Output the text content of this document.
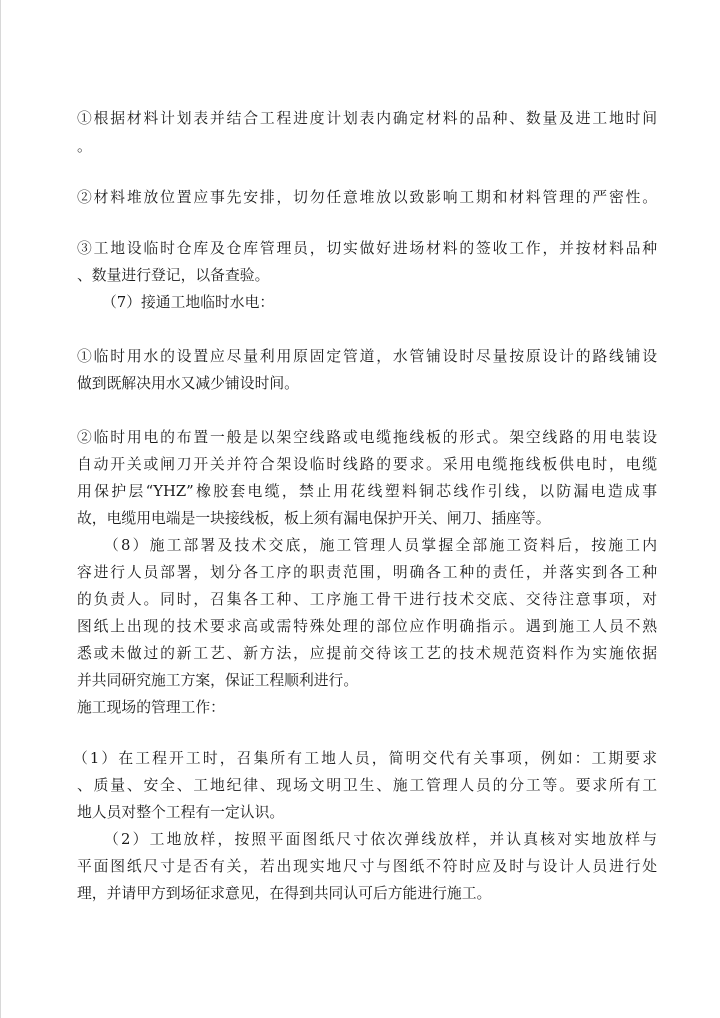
①根据材料计划表并结合工程进度计划表内确定材料的品种、数量及进工地时间

。

②材料堆放位置应事先安排，切勿任意堆放以致影响工期和材料管理的严密性。

③工地设临时仓库及仓库管理员，切实做好进场材料的签收工作，并按材料品种

、数量进行登记，以备查验。

（7）接通工地临时水电：

①临时用水的设置应尽量利用原固定管道，水管铺设时尽量按原设计的路线铺设

做到既解决用水又减少铺设时间。

②临时用电的布置一般是以架空线路或电缆拖线板的形式。架空线路的用电装设

自动开关或闸刀开关并符合架设临时线路的要求。采用电缆拖线板供电时，电缆

用保护层“YHZ”橡胶套电缆，禁止用花线塑料铜芯线作引线，以防漏电造成事

故，电缆用电端是一块接线板，板上须有漏电保护开关、闸刀、插座等。

（8）施工部署及技术交底，施工管理人员掌握全部施工资料后，按施工内

容进行人员部署，划分各工序的职责范围，明确各工种的责任，并落实到各工种

的负责人。同时，召集各工种、工序施工骨干进行技术交底、交待注意事项，对

图纸上出现的技术要求高或需特殊处理的部位应作明确指示。遇到施工人员不熟

悉或未做过的新工艺、新方法，应提前交待该工艺的技术规范资料作为实施依据

并共同研究施工方案，保证工程顺利进行。

施工现场的管理工作：

（1）在工程开工时，召集所有工地人员，简明交代有关事项，例如：工期要求

、质量、安全、工地纪律、现场文明卫生、施工管理人员的分工等。要求所有工

地人员对整个工程有一定认识。

（2）工地放样，按照平面图纸尺寸依次弹线放样，并认真核对实地放样与

平面图纸尺寸是否有关，若出现实地尺寸与图纸不符时应及时与设计人员进行处

理，并请甲方到场征求意见，在得到共同认可后方能进行施工。
